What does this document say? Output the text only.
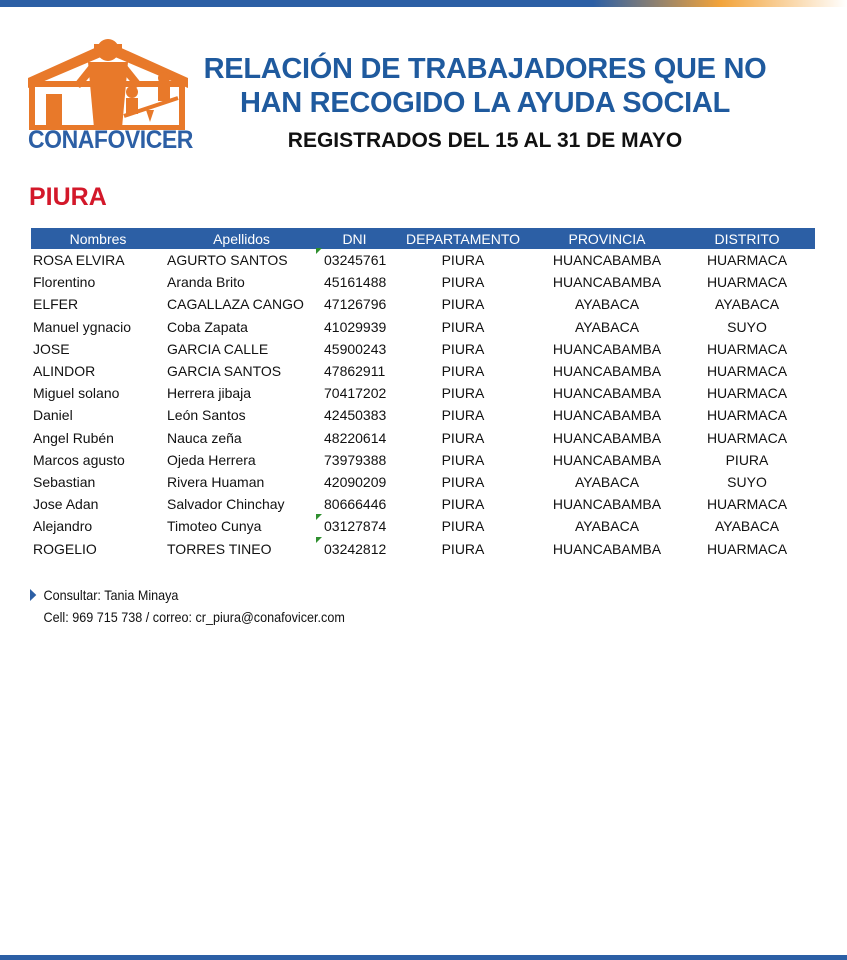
CONAFOVICER
RELACIÓN DE TRABAJADORES QUE NO
HAN RECOGIDO LA AYUDA SOCIAL
REGISTRADOS DEL 15 AL 31 DE MAYO
PIURA
Nombres	Apellidos	DNI	DEPARTAMENTO	PROVINCIA	DISTRITO
ROSA ELVIRA	AGURTO SANTOS	03245761	PIURA	HUANCABAMBA	HUARMACA
Florentino	Aranda Brito	45161488	PIURA	HUANCABAMBA	HUARMACA
ELFER	CAGALLAZA CANGO	47126796	PIURA	AYABACA	AYABACA
Manuel ygnacio	Coba Zapata	41029939	PIURA	AYABACA	SUYO
JOSE	GARCIA CALLE	45900243	PIURA	HUANCABAMBA	HUARMACA
ALINDOR	GARCIA SANTOS	47862911	PIURA	HUANCABAMBA	HUARMACA
Miguel solano	Herrera jibaja	70417202	PIURA	HUANCABAMBA	HUARMACA
Daniel	León Santos	42450383	PIURA	HUANCABAMBA	HUARMACA
Angel Rubén	Nauca zeña	48220614	PIURA	HUANCABAMBA	HUARMACA
Marcos agusto	Ojeda Herrera	73979388	PIURA	HUANCABAMBA	PIURA
Sebastian	Rivera Huaman	42090209	PIURA	AYABACA	SUYO
Jose Adan	Salvador Chinchay	80666446	PIURA	HUANCABAMBA	HUARMACA
Alejandro	Timoteo Cunya	03127874	PIURA	AYABACA	AYABACA
ROGELIO	TORRES TINEO	03242812	PIURA	HUANCABAMBA	HUARMACA
Consultar: Tania Minaya
Cell: 969 715 738 / correo: cr_piura@conafovicer.com
